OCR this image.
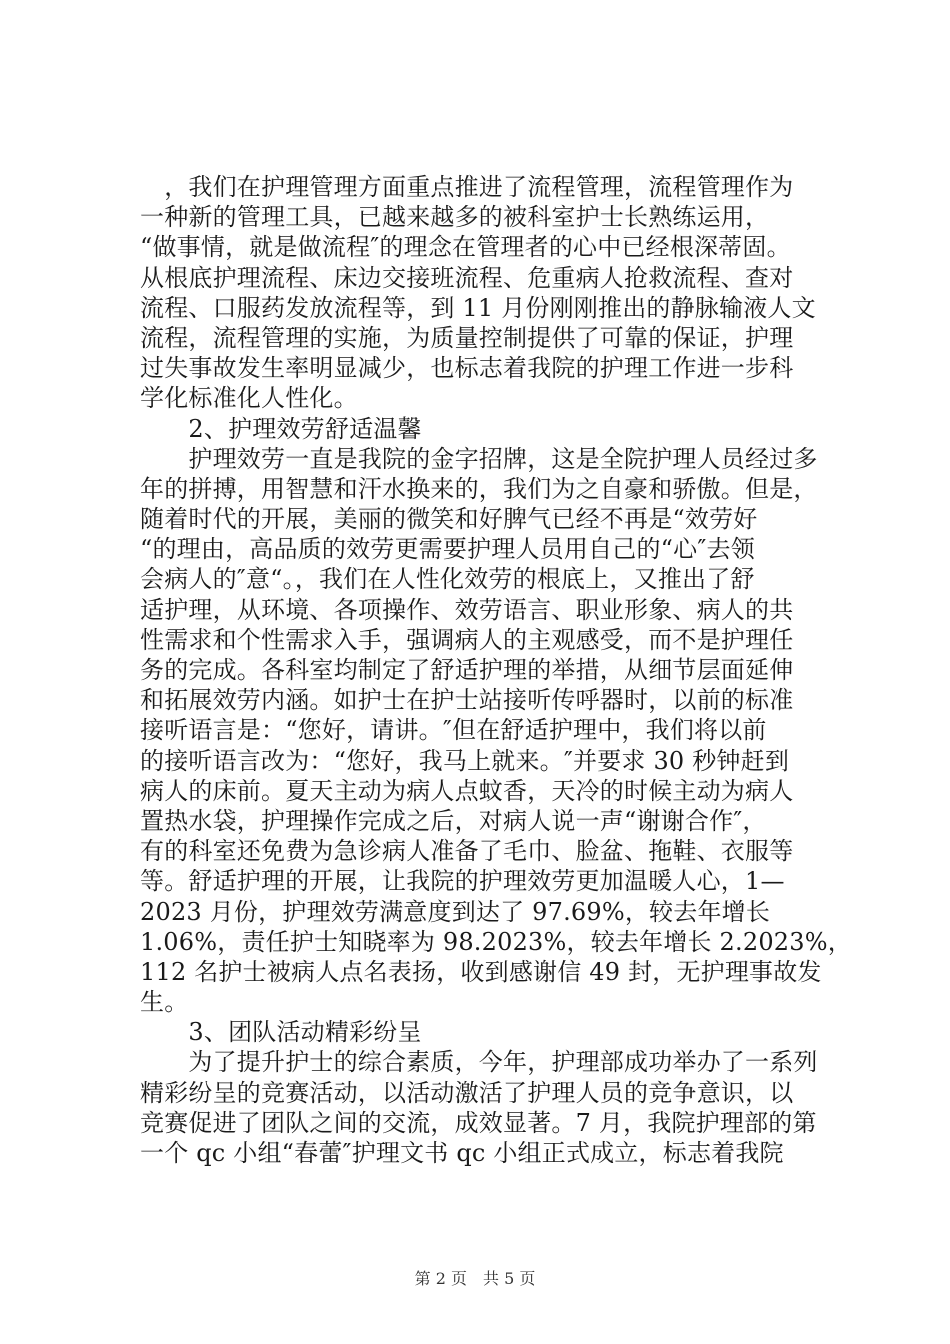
　，我们在护理管理方面重点推进了流程管理，流程管理作为
一种新的管理工具，已越来越多的被科室护士长熟练运用，
“做事情，就是做流程″的理念在管理者的心中已经根深蒂固。
从根底护理流程、床边交接班流程、危重病人抢救流程、查对
流程、口服药发放流程等，到 11 月份刚刚推出的静脉输液人文
流程，流程管理的实施，为质量控制提供了可靠的保证，护理
过失事故发生率明显减少，也标志着我院的护理工作进一步科
学化标准化人性化。
　　2、护理效劳舒适温馨
　　护理效劳一直是我院的金字招牌，这是全院护理人员经过多
年的拼搏，用智慧和汗水换来的，我们为之自豪和骄傲。但是，
随着时代的开展，美丽的微笑和好脾气已经不再是“效劳好
“的理由，高品质的效劳更需要护理人员用自己的“心″去领
会病人的″意“。，我们在人性化效劳的根底上，又推出了舒
适护理，从环境、各项操作、效劳语言、职业形象、病人的共
性需求和个性需求入手，强调病人的主观感受，而不是护理任
务的完成。各科室均制定了舒适护理的举措，从细节层面延伸
和拓展效劳内涵。如护士在护士站接听传呼器时，以前的标准
接听语言是：“您好，请讲。″但在舒适护理中，我们将以前
的接听语言改为：“您好，我马上就来。″并要求 30 秒钟赶到
病人的床前。夏天主动为病人点蚊香，天冷的时候主动为病人
置热水袋，护理操作完成之后，对病人说一声“谢谢合作″，
有的科室还免费为急诊病人准备了毛巾、脸盆、拖鞋、衣服等
等。舒适护理的开展，让我院的护理效劳更加温暖人心，1—
2023 月份，护理效劳满意度到达了 97.69%，较去年增长
1.06%，责任护士知晓率为 98.2023%，较去年增长 2.2023%，
112 名护士被病人点名表扬，收到感谢信 49 封，无护理事故发
生。
　　3、团队活动精彩纷呈
　　为了提升护士的综合素质，今年，护理部成功举办了一系列
精彩纷呈的竞赛活动，以活动激活了护理人员的竞争意识，以
竞赛促进了团队之间的交流，成效显著。7 月，我院护理部的第
一个 qc 小组“春蕾″护理文书 qc 小组正式成立，标志着我院
第 2 页　共 5 页
